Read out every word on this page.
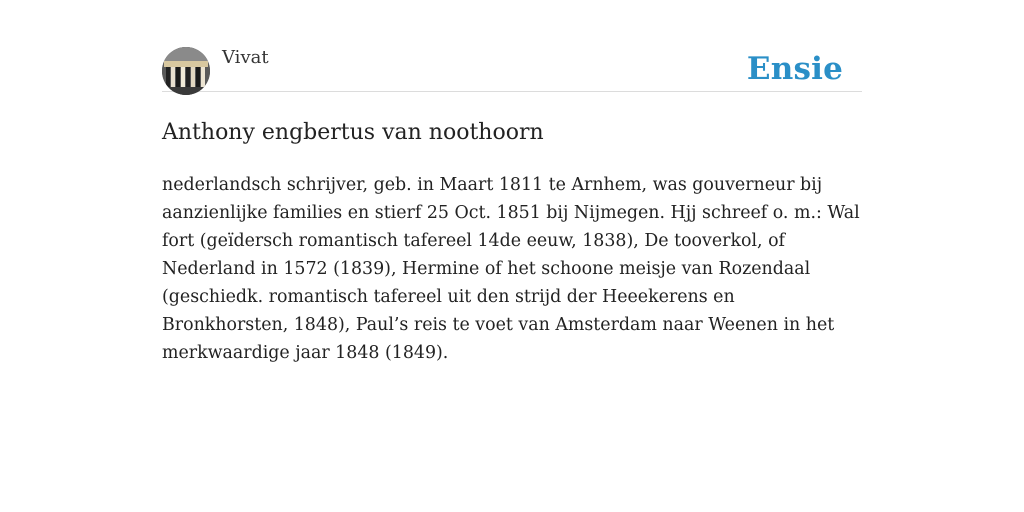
Vivat	Ensie
Anthony engbertus van noothoorn

nederlandsch schrijver, geb. in Maart 1811 te Arnhem, was gouverneur bij aanzienlijke families en stierf 25 Oct. 1851 bij Nijmegen. Hjj schreef o. m.: Wal fort (geïdersch romantisch tafereel 14de eeuw, 1838), De tooverkol, of Nederland in 1572 (1839), Hermine of het schoone meisje van Rozendaal (geschiedk. romantisch tafereel uit den strijd der Heeekerens en Bronkhorsten, 1848), Paul’s reis te voet van Amsterdam naar Weenen in het merkwaardige jaar 1848 (1849).
